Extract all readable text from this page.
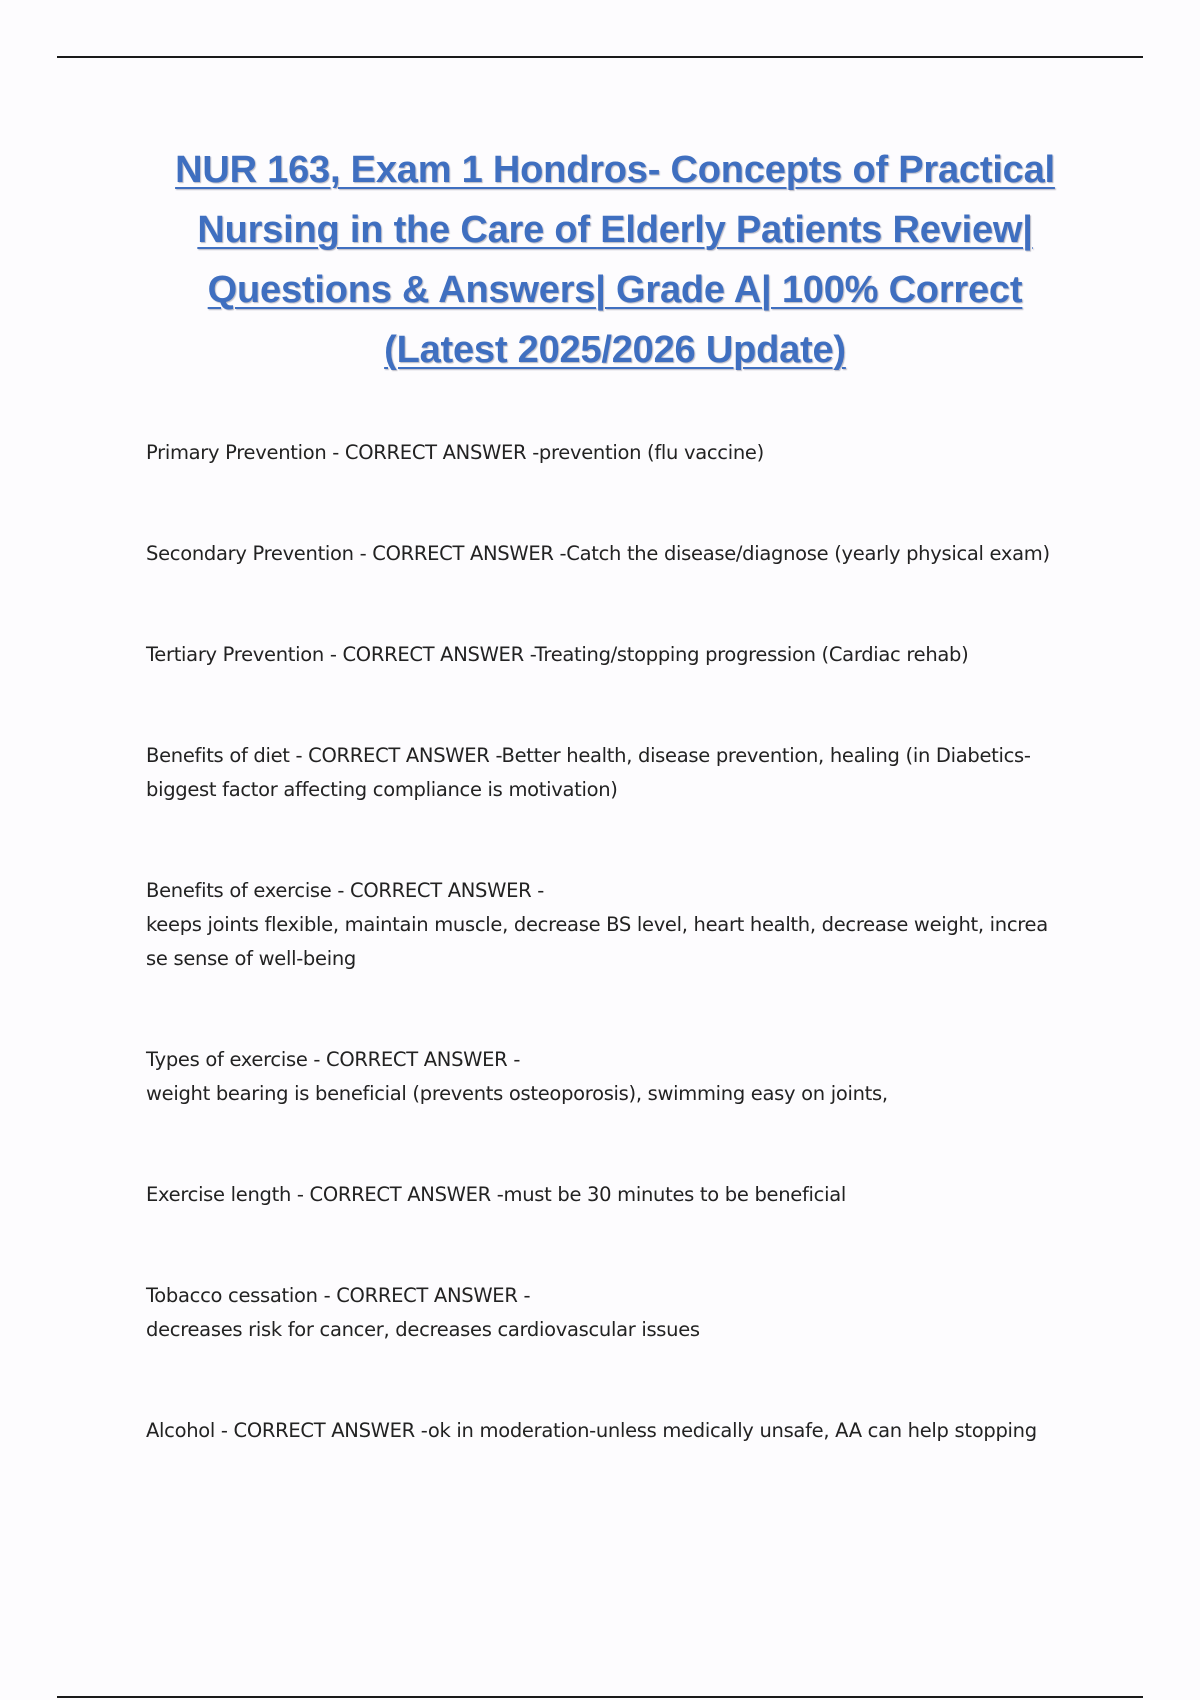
NUR 163, Exam 1 Hondros- Concepts of Practical
Nursing in the Care of Elderly Patients Review|
Questions & Answers| Grade A| 100% Correct
(Latest 2025/2026 Update)

Primary Prevention - CORRECT ANSWER -prevention (flu vaccine)

Secondary Prevention - CORRECT ANSWER -Catch the disease/diagnose (yearly physical exam)

Tertiary Prevention - CORRECT ANSWER -Treating/stopping progression (Cardiac rehab)

Benefits of diet - CORRECT ANSWER -Better health, disease prevention, healing (in Diabetics-
biggest factor affecting compliance is motivation)

Benefits of exercise - CORRECT ANSWER -
keeps joints flexible, maintain muscle, decrease BS level, heart health, decrease weight, increa
se sense of well-being

Types of exercise - CORRECT ANSWER -
weight bearing is beneficial (prevents osteoporosis), swimming easy on joints,

Exercise length - CORRECT ANSWER -must be 30 minutes to be beneficial

Tobacco cessation - CORRECT ANSWER -
decreases risk for cancer, decreases cardiovascular issues

Alcohol - CORRECT ANSWER -ok in moderation-unless medically unsafe, AA can help stopping
